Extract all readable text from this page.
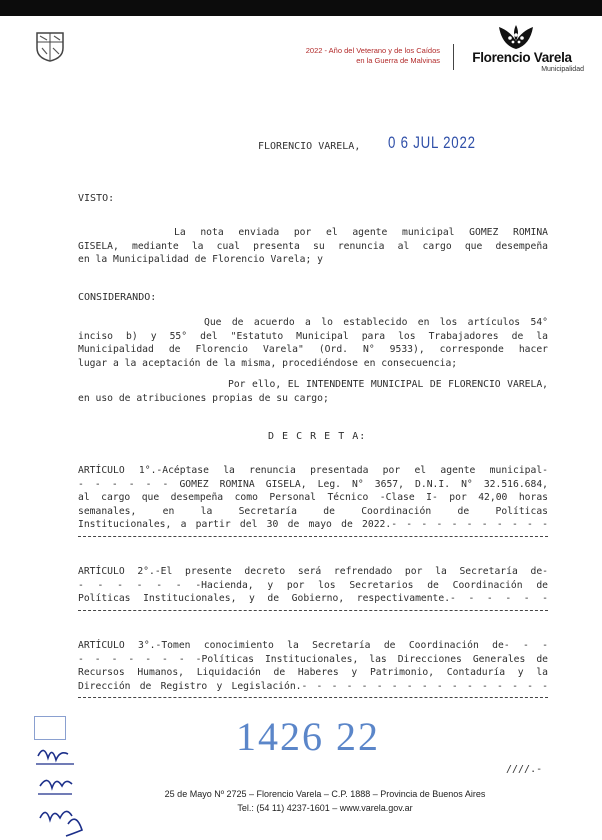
2022 - Año del Veterano y de los Caídos
en la Guerra de Malvinas	Florencio Varela
Municipalidad
FLORENCIO VARELA, 0 6 JUL 2022
VISTO:
La nota enviada por el agente municipal GOMEZ ROMINA
GISELA, mediante la cual presenta su renuncia al cargo que desempeña
en la Municipalidad de Florencio Varela; y
CONSIDERANDO:
Que de acuerdo a lo establecido en los artículos 54°
inciso b) y 55° del "Estatuto Municipal para los Trabajadores de la
Municipalidad de Florencio Varela" (Ord. N° 9533), corresponde hacer
lugar a la aceptación de la misma, procediéndose en consecuencia;
Por ello, EL INTENDENTE MUNICIPAL DE FLORENCIO VARELA,
en uso de atribuciones propias de su cargo;
D E C R E T A:
ARTÍCULO 1°.-Acéptase la renuncia presentada por el agente municipal-
- - - - - - GOMEZ ROMINA GISELA, Leg. N° 3657, D.N.I. N° 32.516.684,
al cargo que desempeña como Personal Técnico -Clase I- por 42,00 horas
semanales, en la Secretaría de Coordinación de Políticas
Institucionales, a partir del 30 de mayo de 2022.- - - - - - - - - - -
ARTÍCULO 2°.-El presente decreto será refrendado por la Secretaría de-
- - - - - - -Hacienda, y por los Secretarios de Coordinación de
Políticas Institucionales, y de Gobierno, respectivamente.- - - - - -
ARTÍCULO 3°.-Tomen conocimiento la Secretaría de Coordinación de- - -
- - - - - - - -Políticas Institucionales, las Direcciones Generales de
Recursos Humanos, Liquidación de Haberes y Patrimonio, Contaduría y la
Dirección de Registro y Legislación.- - - - - - - - - - - - - - - - -
1426 22
////.-
25 de Mayo Nº 2725 – Florencio Varela – C.P. 1888 – Provincia de Buenos Aires
Tel.: (54 11) 4237-1601 – www.varela.gov.ar
